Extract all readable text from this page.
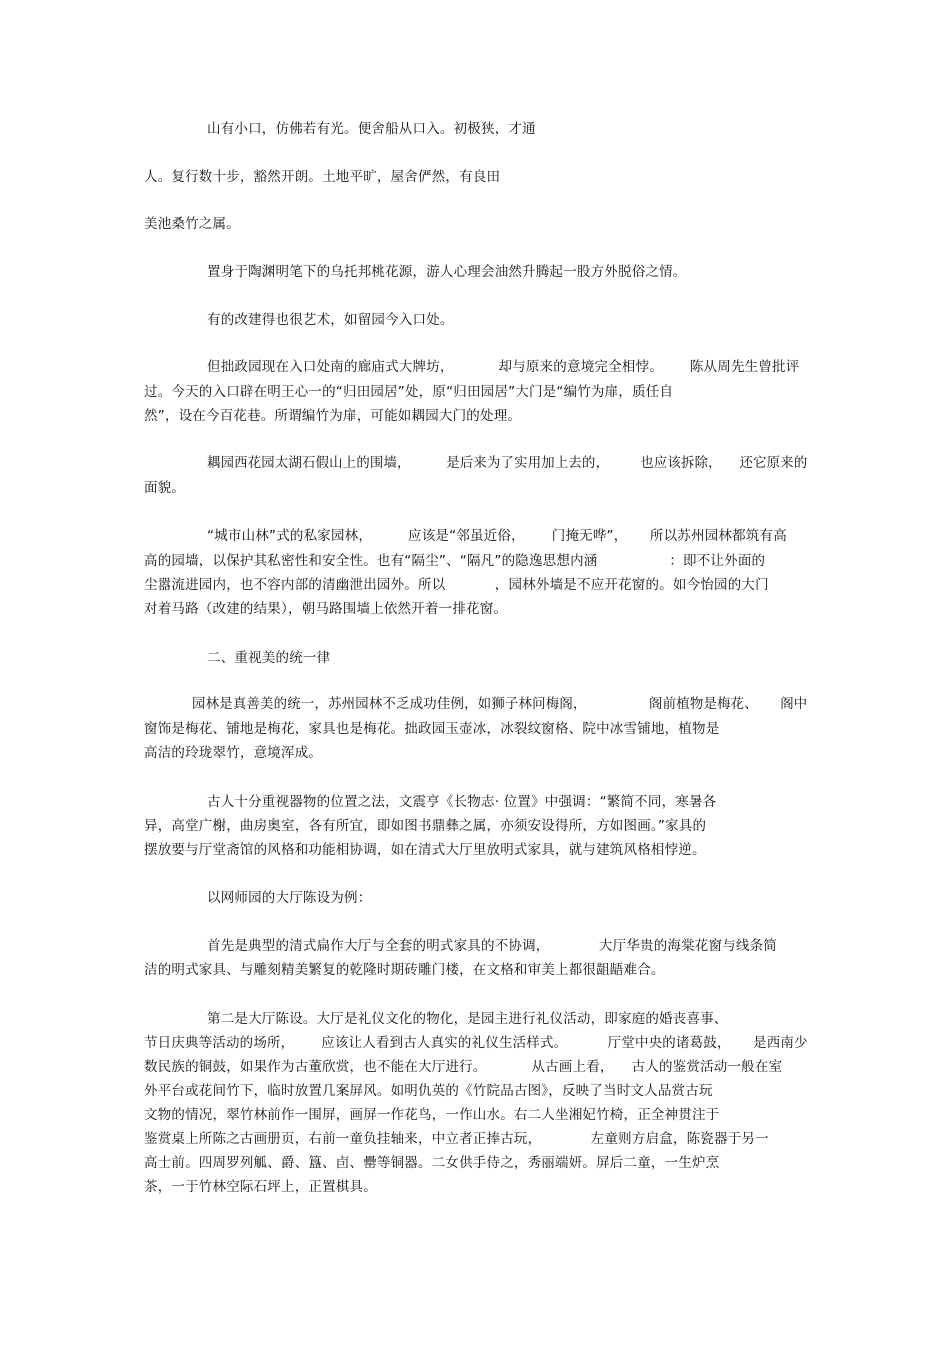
山有小口，仿佛若有光。便舍船从口入。初极狭，才通
人。复行数十步，豁然开朗。土地平旷，屋舍俨然，有良田
美池桑竹之属。
置身于陶渊明笔下的乌托邦桃花源，游人心理会油然升腾起一股方外脱俗之情。
有的改建得也很艺术，如留园今入口处。
但拙政园现在入口处南的廊庙式大牌坊，          却与原来的意境完全相悖。      陈从周先生曾批评
过。今天的入口辟在明王心一的“归田园居”处，原“归田园居”大门是“编竹为扉，质任自
然”，设在今百花巷。所谓编竹为扉，可能如耦园大门的处理。
耦园西花园太湖石假山上的围墙，        是后来为了实用加上去的，       也应该拆除，    还它原来的
面貌。
“城市山林”式的私家园林，        应该是“邻虽近俗，      门掩无哗”，     所以苏州园林都筑有高
高的园墙，以保护其私密性和安全性。也有“隔尘”、“隔凡”的隐逸思想内涵                ：即不让外面的
尘嚣流进园内，也不容内部的清幽泄出园外。所以           ，园林外墙是不应开花窗的。如今怡园的大门
对着马路（改建的结果），朝马路围墙上依然开着一排花窗。
二、重视美的统一律
园林是真善美的统一，苏州园林不乏成功佳例，如狮子林问梅阁，              阁前植物是梅花、     阁中
窗饰是梅花、铺地是梅花，家具也是梅花。拙政园玉壶冰，冰裂纹窗格、院中冰雪铺地，植物是
高洁的玲珑翠竹，意境浑成。
古人十分重视器物的位置之法，文震亨《长物志· 位置》中强调：“繁简不同，寒暑各
异，高堂广榭，曲房奥室，各有所宜，即如图书鼎彝之属，亦须安设得所，方如图画。”家具的
摆放要与厅堂斋馆的风格和功能相协调，如在清式大厅里放明式家具，就与建筑风格相悖逆。
以网师园的大厅陈设为例：
首先是典型的清式扁作大厅与全套的明式家具的不协调，           大厅华贵的海棠花窗与线条简
洁的明式家具、与雕刻精美繁复的乾隆时期砖雕门楼，在文格和审美上都很龃龉难合。
第二是大厅陈设。大厅是礼仪文化的物化，是园主进行礼仪活动，即家庭的婚丧喜事、
节日庆典等活动的场所，      应该让人看到古人真实的礼仪生活样式。         厅堂中央的诸葛鼓，     是西南少
数民族的铜鼓，如果作为古董欣赏，也不能在大厅进行。          从古画上看，    古人的鉴赏活动一般在室
外平台或花间竹下，临时放置几案屏风。如明仇英的《竹院品古图》，反映了当时文人品赏古玩
文物的情况，翠竹林前作一围屏，画屏一作花鸟，一作山水。右二人坐湘妃竹椅，正全神贯注于
鉴赏桌上所陈之古画册页，右前一童负挂轴来，中立者正捧古玩，           左童则方启盒，陈瓷器于另一
高士前。四周罗列觚、爵、簋、卣、罍等铜器。二女供手侍之，秀丽端妍。屏后二童，一生炉烹
茶，一于竹林空际石坪上，正置棋具。
